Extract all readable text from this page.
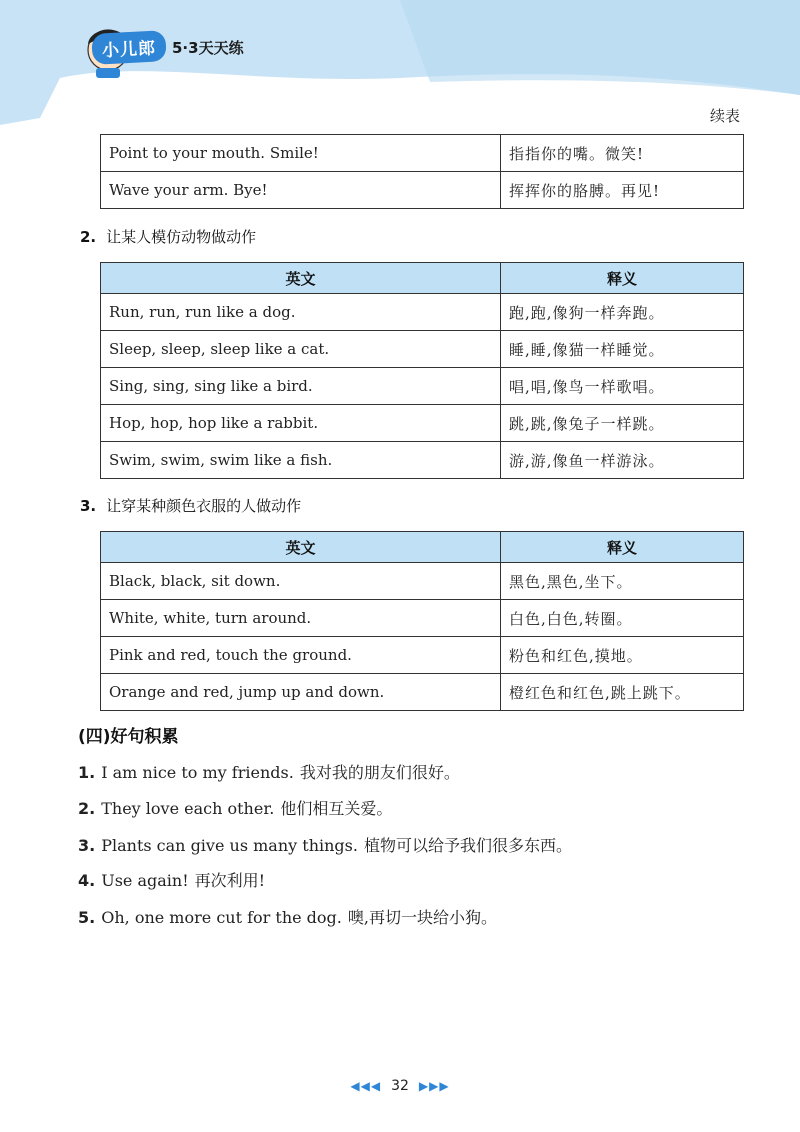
小儿郎	5·3天天练
续表
Point to your mouth. Smile!	指指你的嘴。微笑!
Wave your arm. Bye!	挥挥你的胳膊。再见!
2. 让某人模仿动物做动作
英文	释义
Run, run, run like a dog.	跑,跑,像狗一样奔跑。
Sleep, sleep, sleep like a cat.	睡,睡,像猫一样睡觉。
Sing, sing, sing like a bird.	唱,唱,像鸟一样歌唱。
Hop, hop, hop like a rabbit.	跳,跳,像兔子一样跳。
Swim, swim, swim like a fish.	游,游,像鱼一样游泳。
3. 让穿某种颜色衣服的人做动作
英文	释义
Black, black, sit down.	黑色,黑色,坐下。
White, white, turn around.	白色,白色,转圈。
Pink and red, touch the ground.	粉色和红色,摸地。
Orange and red, jump up and down.	橙红色和红色,跳上跳下。
(四)好句积累
1. I am nice to my friends. 我对我的朋友们很好。
2. They love each other. 他们相互关爱。
3. Plants can give us many things. 植物可以给予我们很多东西。
4. Use again! 再次利用!
5. Oh, one more cut for the dog. 噢,再切一块给小狗。
◀◀◀ 32 ▶▶▶
